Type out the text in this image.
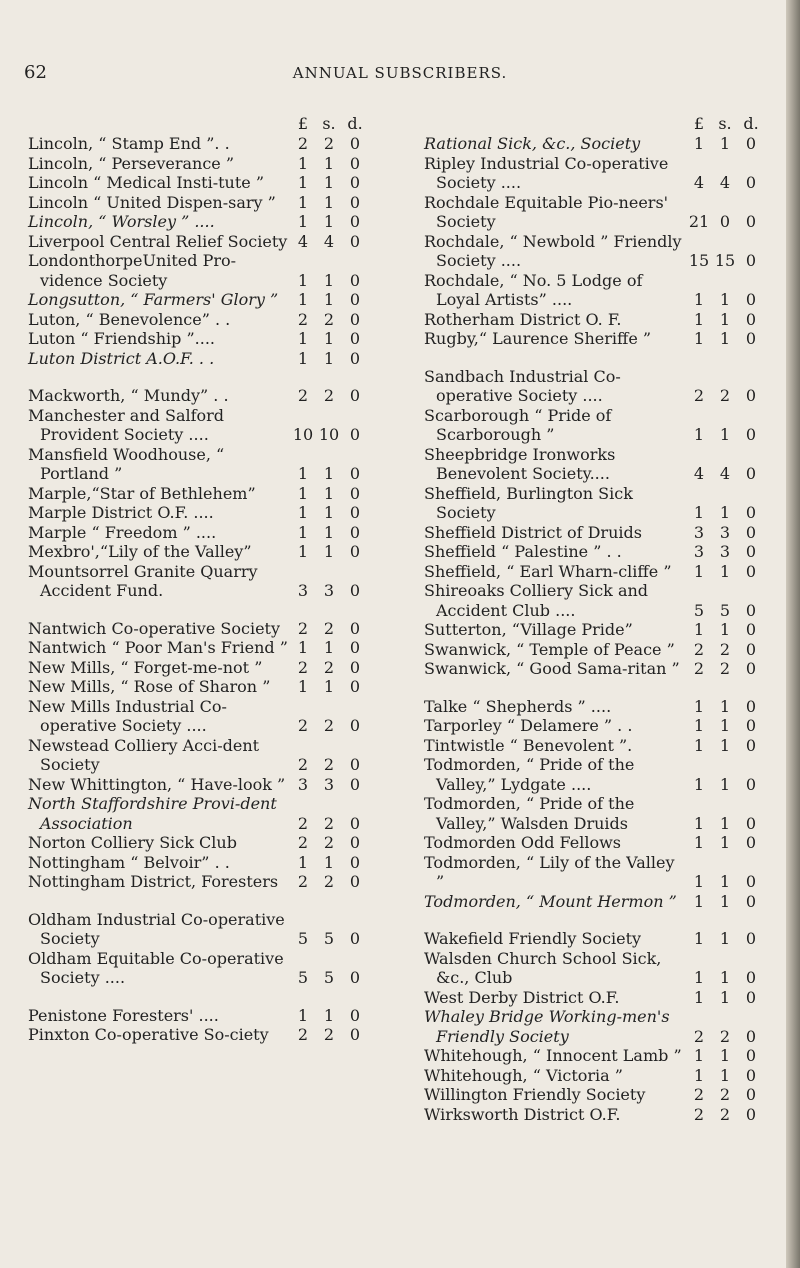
62	ANNUAL SUBSCRIBERS.
£ s. d.
Lincoln, “ Stamp End ”. .	2 2 0
Lincoln, “ Perseverance ”	1 1 0
Lincoln “ Medical Insti-tute ”	1 1 0
Lincoln “ United Dispen-sary ”	1 1 0
Lincoln, “ Worsley ” ....	1 1 0
Liverpool Central Relief Society 4 4 0
LondonthorpeUnited Pro-vidence Society	1 1 0
Longsutton, “ Farmers' Glory ”	1 1 0
Luton, “ Benevolence” . .	2 2 0
Luton “ Friendship ”....	1 1 0
Luton District A.O.F. . .	1 1 0
Mackworth, “ Mundy” . .	2 2 0
Manchester and Salford Provident Society ....	10 10 0
Mansfield Woodhouse, “ Portland ”	1 1 0
Marple,“Star of Bethlehem”	1 1 0
Marple District O.F. ....	1 1 0
Marple “ Freedom ” ....	1 1 0
Mexbro',“Lily of the Valley”	1 1 0
Mountsorrel Granite Quarry Accident Fund.	3 3 0
Nantwich Co-operative Society	2 2 0
Nantwich “ Poor Man's Friend ” 1 1 0
New Mills, “ Forget-me-not ”	2 2 0
New Mills, “ Rose of Sharon ”	1 1 0
New Mills Industrial Co-operative Society ....	2 2 0
Newstead Colliery Acci-dent Society	2 2 0
New Whittington, “ Have-look ” 3 3 0
North Staffordshire Provi-dent Association	2 2 0
Norton Colliery Sick Club	2 2 0
Nottingham “ Belvoir” . .	1 1 0
Nottingham District, Foresters	2 2 0
Oldham Industrial Co-operative Society	5 5 0
Oldham Equitable Co-operative Society ....	5 5 0
Penistone Foresters' ....	1 1 0
Pinxton Co-operative So-ciety	2 2 0
£ s. d.
Rational Sick, &c., Society	1 1 0
Ripley Industrial Co-operative Society ....	4 4 0
Rochdale Equitable Pio-neers' Society	21 0 0
Rochdale, “ Newbold ” Friendly Society ....	15 15 0
Rochdale, “ No. 5 Lodge of Loyal Artists” ....	1 1 0
Rotherham District O. F.	1 1 0
Rugby,“ Laurence Sheriffe ”	1 1 0
Sandbach Industrial Co-operative Society ....	2 2 0
Scarborough “ Pride of Scarborough ”	1 1 0
Sheepbridge Ironworks Benevolent Society....	4 4 0
Sheffield, Burlington Sick Society	1 1 0
Sheffield District of Druids	3 3 0
Sheffield “ Palestine ” . .	3 3 0
Sheffield, “ Earl Wharn-cliffe ”	1 1 0
Shireoaks Colliery Sick and Accident Club ....	5 5 0
Sutterton, “Village Pride”	1 1 0
Swanwick, “ Temple of Peace ”	2 2 0
Swanwick, “ Good Sama-ritan ” 2 2 0
Talke “ Shepherds ” ....	1 1 0
Tarporley “ Delamere ” . .	1 1 0
Tintwistle “ Benevolent ”.	1 1 0
Todmorden, “ Pride of the Valley,” Lydgate ....	1 1 0
Todmorden, “ Pride of the Valley,” Walsden Druids	1 1 0
Todmorden Odd Fellows	1 1 0
Todmorden, “ Lily of the Valley ”	1 1 0
Todmorden, “ Mount Hermon ”	1 1 0
Wakefield Friendly Society	1 1 0
Walsden Church School Sick, &c., Club	1 1 0
West Derby District O.F.	1 1 0
Whaley Bridge Working-men's Friendly Society	2 2 0
Whitehough, “ Innocent Lamb ” 1 1 0
Whitehough, “ Victoria ”	1 1 0
Willington Friendly Society	2 2 0
Wirksworth District O.F.	2 2 0
